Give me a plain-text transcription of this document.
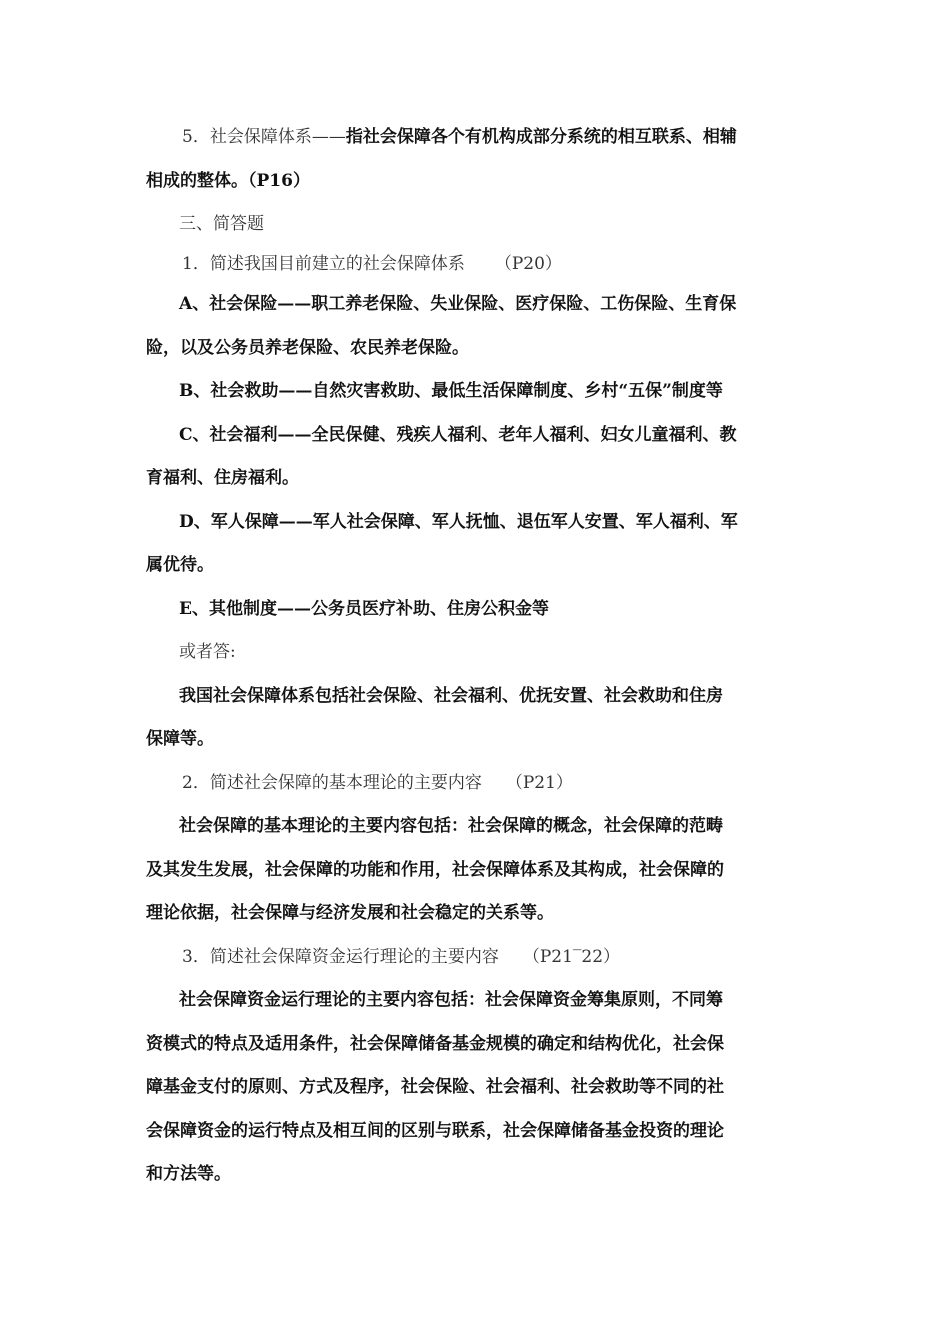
5．社会保障体系——指社会保障各个有机构成部分系统的相互联系、相辅
相成的整体。（P16）
三、简答题
1．简述我国目前建立的社会保障体系 （P20）
A、社会保险——职工养老保险、失业保险、医疗保险、工伤保险、生育保
险，以及公务员养老保险、农民养老保险。
B、社会救助——自然灾害救助、最低生活保障制度、乡村“五保”制度等
C、社会福利——全民保健、残疾人福利、老年人福利、妇女儿童福利、教
育福利、住房福利。
D、军人保障——军人社会保障、军人抚恤、退伍军人安置、军人福利、军
属优待。
E、其他制度——公务员医疗补助、住房公积金等
或者答:
我国社会保障体系包括社会保险、社会福利、优抚安置、社会救助和住房
保障等。
2．简述社会保障的基本理论的主要内容 （P21）
社会保障的基本理论的主要内容包括：社会保障的概念，社会保障的范畴
及其发生发展，社会保障的功能和作用，社会保障体系及其构成，社会保障的
理论依据，社会保障与经济发展和社会稳定的关系等。
3．简述社会保障资金运行理论的主要内容 （P21‾22）
社会保障资金运行理论的主要内容包括：社会保障资金筹集原则，不同筹
资模式的特点及适用条件，社会保障储备基金规模的确定和结构优化，社会保
障基金支付的原则、方式及程序，社会保险、社会福利、社会救助等不同的社
会保障资金的运行特点及相互间的区别与联系，社会保障储备基金投资的理论
和方法等。
